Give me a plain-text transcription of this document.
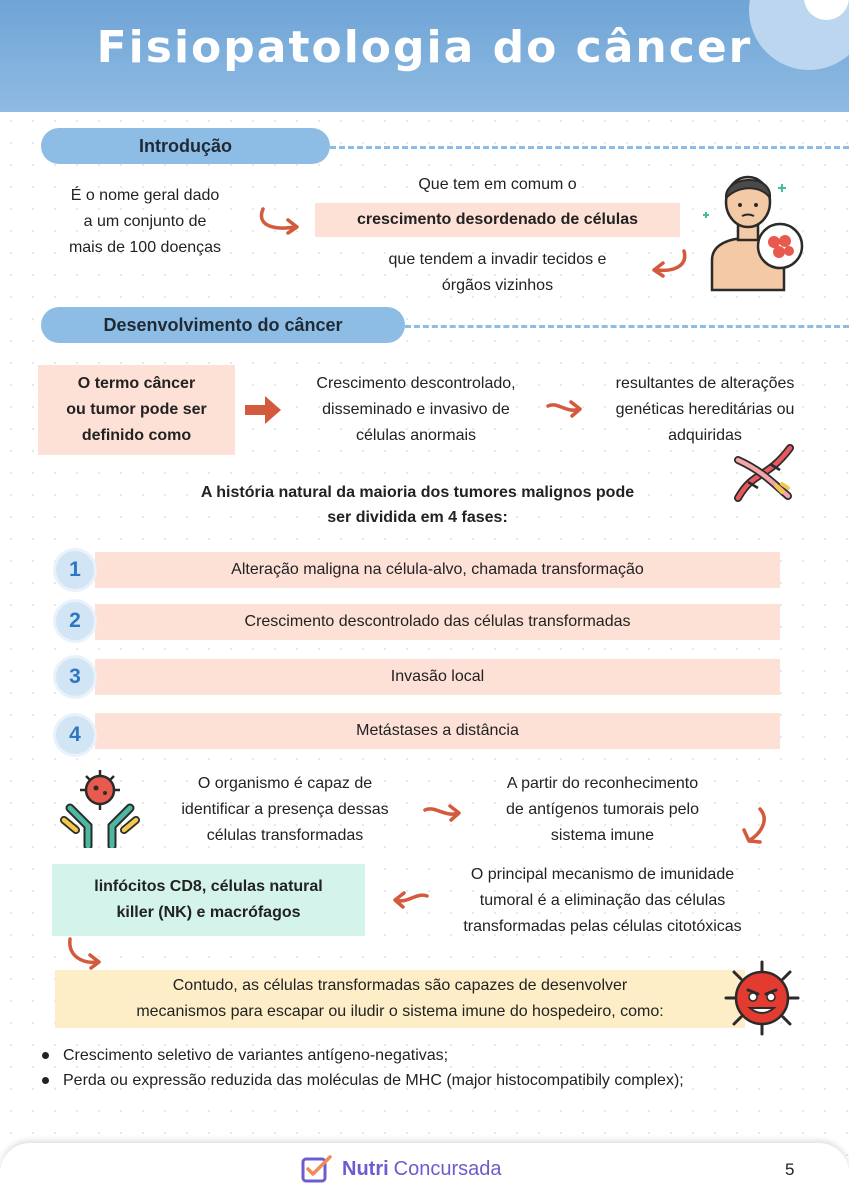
Fisiopatologia do câncer
Introdução
É o nome geral dado
a um conjunto de
mais de 100 doenças
Que tem em comum o
crescimento desordenado de células
que tendem a invadir tecidos e
órgãos vizinhos
Desenvolvimento do câncer
O termo câncer
ou tumor pode ser
definido como
Crescimento descontrolado,
disseminado e invasivo de
células anormais
resultantes de alterações
genéticas hereditárias ou
adquiridas
A história natural da maioria dos tumores malignos pode
ser dividida em 4 fases:
Alteração maligna na célula-alvo, chamada transformação
1
Crescimento descontrolado das células transformadas
2
Invasão local
3
Metástases a distância
4
O organismo é capaz de
identificar a presença dessas
células transformadas
A partir do reconhecimento
de antígenos tumorais pelo
sistema imune
O principal mecanismo de imunidade
tumoral é a eliminação das células
transformadas pelas células citotóxicas
linfócitos CD8, células natural
killer (NK) e macrófagos
Contudo, as células transformadas são capazes de desenvolver
mecanismos para escapar ou iludir o sistema imune do hospedeiro, como:
Crescimento seletivo de variantes antígeno-negativas;
Perda ou expressão reduzida das moléculas de MHC (major histocompatibily complex);
Nutri Concursada	5
